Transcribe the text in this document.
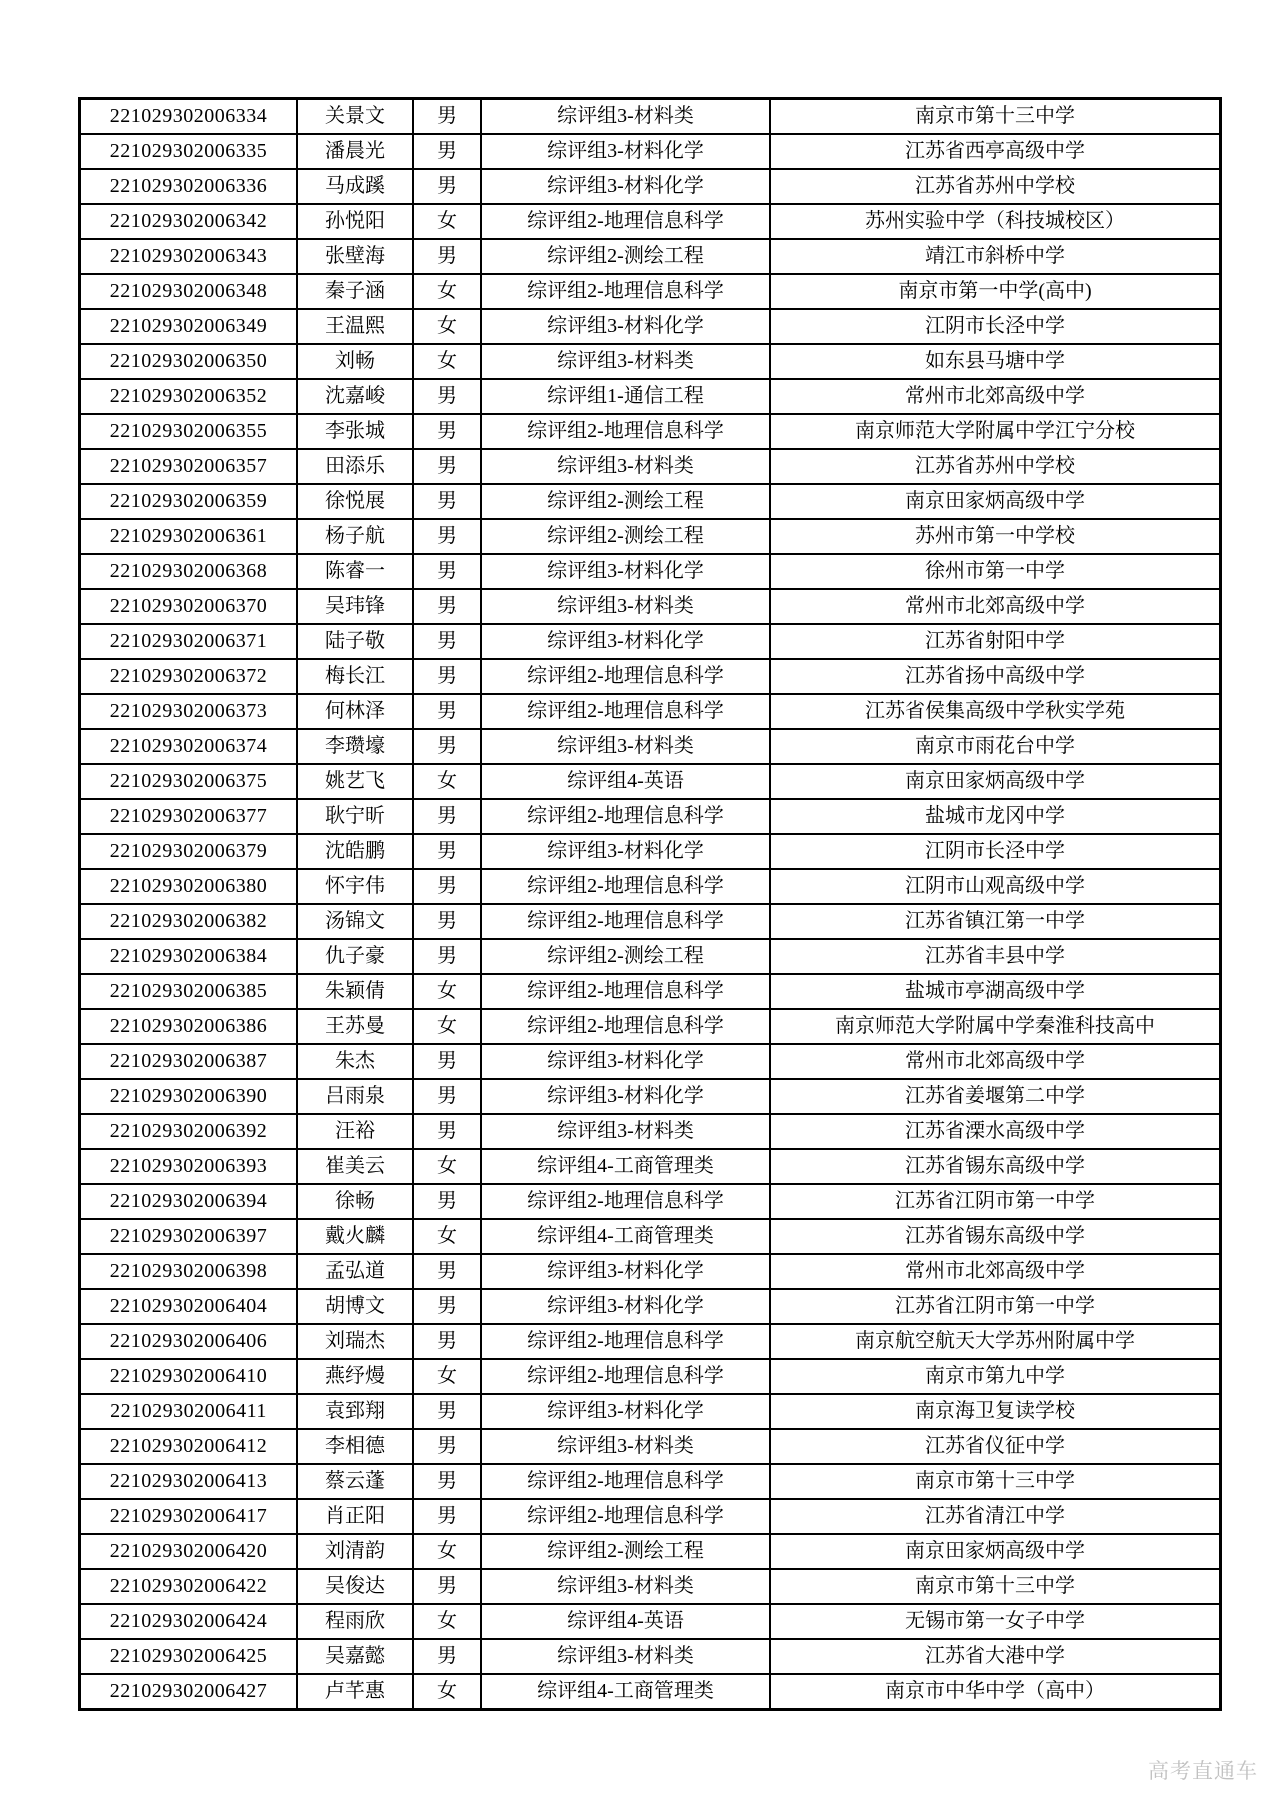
221029302006334	关景文	男	综评组3-材料类	南京市第十三中学
221029302006335	潘晨光	男	综评组3-材料化学	江苏省西亭高级中学
221029302006336	马成蹊	男	综评组3-材料化学	江苏省苏州中学校
221029302006342	孙悦阳	女	综评组2-地理信息科学	苏州实验中学（科技城校区）
221029302006343	张壁海	男	综评组2-测绘工程	靖江市斜桥中学
221029302006348	秦子涵	女	综评组2-地理信息科学	南京市第一中学(高中)
221029302006349	王温熙	女	综评组3-材料化学	江阴市长泾中学
221029302006350	刘畅	女	综评组3-材料类	如东县马塘中学
221029302006352	沈嘉峻	男	综评组1-通信工程	常州市北郊高级中学
221029302006355	李张城	男	综评组2-地理信息科学	南京师范大学附属中学江宁分校
221029302006357	田添乐	男	综评组3-材料类	江苏省苏州中学校
221029302006359	徐悦展	男	综评组2-测绘工程	南京田家炳高级中学
221029302006361	杨子航	男	综评组2-测绘工程	苏州市第一中学校
221029302006368	陈睿一	男	综评组3-材料化学	徐州市第一中学
221029302006370	吴玮锋	男	综评组3-材料类	常州市北郊高级中学
221029302006371	陆子敬	男	综评组3-材料化学	江苏省射阳中学
221029302006372	梅长江	男	综评组2-地理信息科学	江苏省扬中高级中学
221029302006373	何林泽	男	综评组2-地理信息科学	江苏省侯集高级中学秋实学苑
221029302006374	李瓒壕	男	综评组3-材料类	南京市雨花台中学
221029302006375	姚艺飞	女	综评组4-英语	南京田家炳高级中学
221029302006377	耿宁昕	男	综评组2-地理信息科学	盐城市龙冈中学
221029302006379	沈皓鹏	男	综评组3-材料化学	江阴市长泾中学
221029302006380	怀宇伟	男	综评组2-地理信息科学	江阴市山观高级中学
221029302006382	汤锦文	男	综评组2-地理信息科学	江苏省镇江第一中学
221029302006384	仇子豪	男	综评组2-测绘工程	江苏省丰县中学
221029302006385	朱颖倩	女	综评组2-地理信息科学	盐城市亭湖高级中学
221029302006386	王苏曼	女	综评组2-地理信息科学	南京师范大学附属中学秦淮科技高中
221029302006387	朱杰	男	综评组3-材料化学	常州市北郊高级中学
221029302006390	吕雨泉	男	综评组3-材料化学	江苏省姜堰第二中学
221029302006392	汪裕	男	综评组3-材料类	江苏省溧水高级中学
221029302006393	崔美云	女	综评组4-工商管理类	江苏省锡东高级中学
221029302006394	徐畅	男	综评组2-地理信息科学	江苏省江阴市第一中学
221029302006397	戴火麟	女	综评组4-工商管理类	江苏省锡东高级中学
221029302006398	孟弘道	男	综评组3-材料化学	常州市北郊高级中学
221029302006404	胡博文	男	综评组3-材料化学	江苏省江阴市第一中学
221029302006406	刘瑞杰	男	综评组2-地理信息科学	南京航空航天大学苏州附属中学
221029302006410	燕纾熳	女	综评组2-地理信息科学	南京市第九中学
221029302006411	袁郅翔	男	综评组3-材料化学	南京海卫复读学校
221029302006412	李相德	男	综评组3-材料类	江苏省仪征中学
221029302006413	蔡云蓬	男	综评组2-地理信息科学	南京市第十三中学
221029302006417	肖正阳	男	综评组2-地理信息科学	江苏省清江中学
221029302006420	刘清韵	女	综评组2-测绘工程	南京田家炳高级中学
221029302006422	吴俊达	男	综评组3-材料类	南京市第十三中学
221029302006424	程雨欣	女	综评组4-英语	无锡市第一女子中学
221029302006425	吴嘉懿	男	综评组3-材料类	江苏省大港中学
221029302006427	卢芊惠	女	综评组4-工商管理类	南京市中华中学（高中）
高考直通车
